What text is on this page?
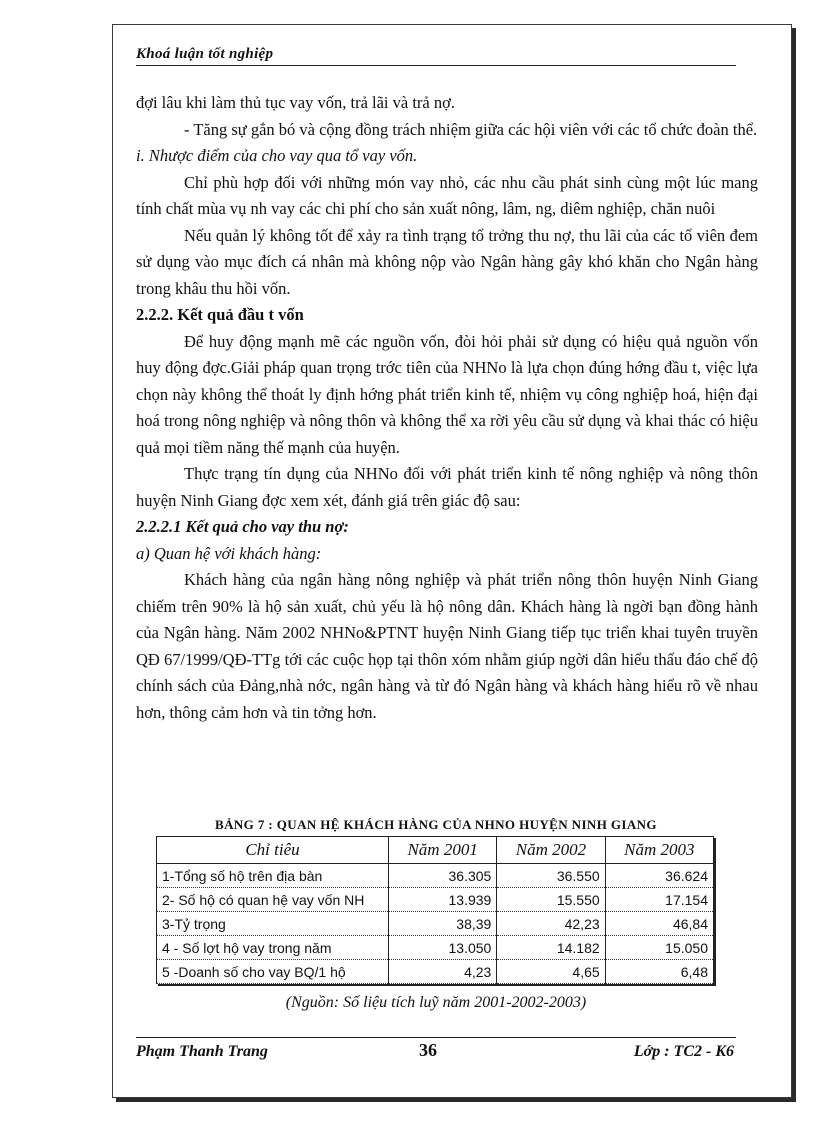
Khoá luận tốt nghiệp

đợi lâu khi làm thủ tục vay vốn, trả lãi và trả nợ.

- Tăng sự gắn bó và cộng đồng trách nhiệm giữa các hội viên với các tổ chức đoàn thể.

i. Nhược điểm của cho vay qua tổ vay vốn.

Chỉ phù hợp đối với những món vay nhỏ, các nhu cầu phát sinh cùng một lúc mang tính chất mùa vụ nh vay các chi phí cho sản xuất nông, lâm, ng, diêm nghiệp, chăn nuôi

Nếu quản lý không tốt để xảy ra tình trạng tổ trởng thu nợ, thu lãi của các tổ viên đem sử dụng vào mục đích cá nhân mà không nộp vào Ngân hàng gây khó khăn cho Ngân hàng trong khâu thu hồi vốn.

2.2.2. Kết quả đầu t vốn

Để huy động mạnh mẽ các nguồn vốn, đòi hỏi phải sử dụng có hiệu quả nguồn vốn huy động đợc.Giải pháp quan trọng trớc tiên của NHNo là lựa chọn đúng hớng đầu t, việc lựa chọn này không thể thoát ly định hớng phát triển kinh tế, nhiệm vụ công nghiệp hoá, hiện đại hoá trong nông nghiệp và nông thôn và không thể xa rời yêu cầu sử dụng và khai thác có hiệu quả mọi tiềm năng thế mạnh của huyện.

Thực trạng tín dụng của NHNo đối với phát triển kinh tế nông nghiệp và nông thôn huyện Ninh Giang đợc xem xét, đánh giá trên giác độ sau:

2.2.2.1 Kết quả cho vay thu nợ:

a) Quan hệ với khách hàng:

Khách hàng của ngân hàng nông nghiệp và phát triển nông thôn huyện Ninh Giang chiếm trên 90% là hộ sản xuất, chủ yếu là hộ nông dân. Khách hàng là ngời bạn đồng hành của Ngân hàng. Năm 2002 NHNo&PTNT huyện Ninh Giang tiếp tục triển khai tuyên truyền QĐ 67/1999/QĐ-TTg tới các cuộc họp tại thôn xóm nhằm giúp ngời dân hiểu thấu đáo chế độ chính sách của Đảng,nhà nớc, ngân hàng và từ đó Ngân hàng và khách hàng hiểu rõ về nhau hơn, thông cảm hơn và tin tởng hơn.

BẢNG 7 : QUAN HỆ KHÁCH HÀNG CỦA NHNO HUYỆN NINH GIANG
Chỉ tiêu	Năm 2001	Năm 2002	Năm 2003
1-Tổng số hộ trên địa bàn	36.305	36.550	36.624
2- Số hộ có quan hệ vay vốn NH	13.939	15.550	17.154
3-Tỷ trọng	38,39	42,23	46,84
4 - Số lợt hộ vay trong năm	13.050	14.182	15.050
5 -Doanh số cho vay BQ/1 hộ	4,23	4,65	6,48
(Nguồn: Số liệu tích luỹ năm 2001-2002-2003)
Phạm Thanh Trang	36	Lớp : TC2 - K6
